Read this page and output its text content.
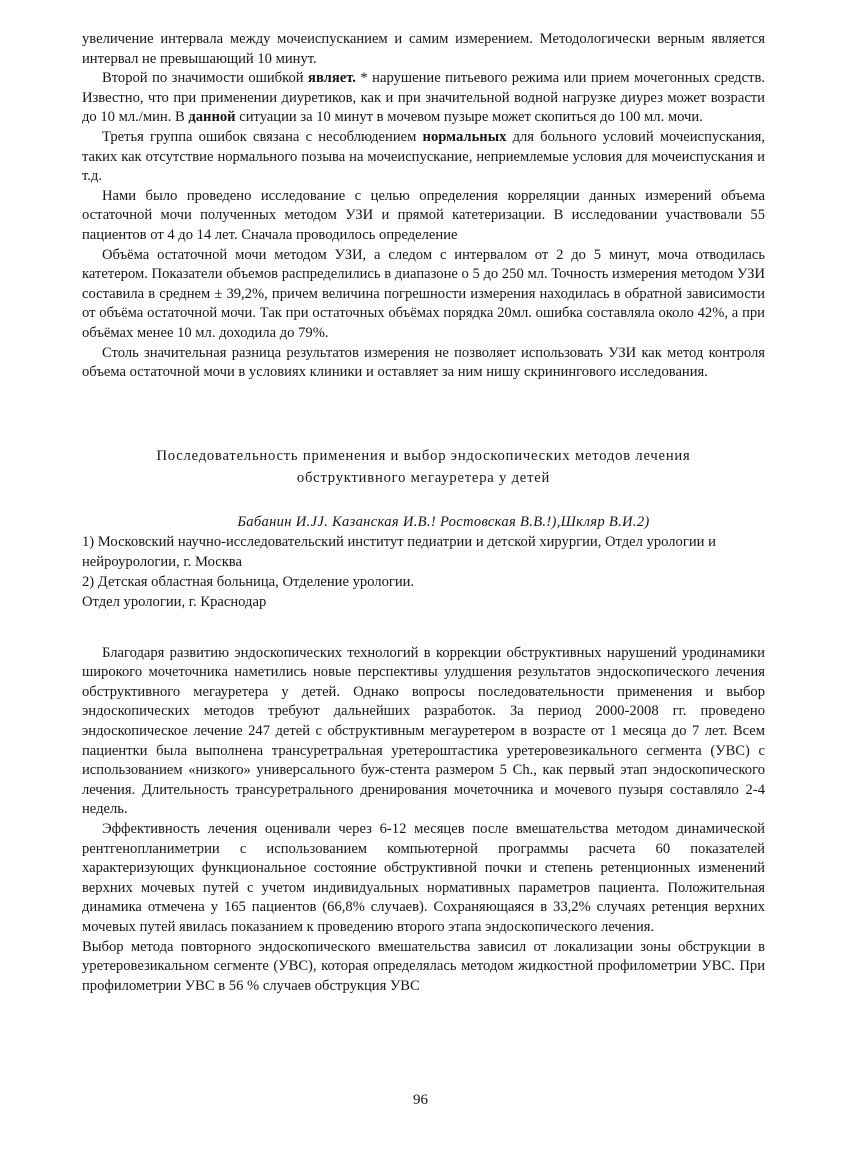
увеличение интервала между мочеиспусканием и самим измерением. Методологически верным является интервал не превышающий 10 минут.

Второй по значимости ошибкой являет. * нарушение питьевого режима или прием мочегонных средств. Известно, что при применении диуретиков, как и при значительной водной нагрузке диурез может возрасти до 10 мл./мин. В данной ситуации за 10 минут в мочевом пузыре может скопиться до 100 мл. мочи.

Третья группа ошибок связана с несоблюдением нормальных для больного условий мочеиспускания, таких как отсутствие нормального позыва на мочеиспускание, неприемлемые условия для мочеиспускания и т.д.

Нами было проведено исследование с целью определения корреляции данных измерений объема остаточной мочи полученных методом УЗИ и прямой катетеризации. В исследовании участвовали 55 пациентов от 4 до 14 лет. Сначала проводилось определение

Объёма остаточной мочи методом УЗИ, а следом с интервалом от 2 до 5 минут, моча отводилась катетером. Показатели объемов распределились в диапазоне о 5 до 250 мл. Точность измерения методом УЗИ составила в среднем ± 39,2%, причем величина погрешности измерения находилась в обратной зависимости от объёма остаточной мочи. Так при остаточных объёмах порядка 20мл. ошибка составляла около 42%, а при объёмах менее 10 мл. доходила до 79%.

Столь значительная разница результатов измерения не позволяет использовать УЗИ как метод контроля объема остаточной мочи в условиях клиники и оставляет за ним нишу скринингового исследования.

Последовательность применения и выбор эндоскопических методов лечения обструктивного мегауретера у детей

Бабанин И.JJ. Казанская И.В.! Ростовская В.В.!),Шкляр В.И.2)

1) Московский научно-исследовательский институт педиатрии и детской хирургии, Отдел урологии и нейроурологии, г. Москва

2) Детская областная больница, Отделение урологии.

Отдел урологии, г. Краснодар

Благодаря развитию эндоскопических технологий в коррекции обструктивных нарушений уродинамики широкого мочеточника наметились новые перспективы улудшения результатов эндоскопического лечения обструктивного мегауретера у детей. Однако вопросы последовательности применения и выбор эндоскопических методов требуют дальнейших разработок. За период 2000-2008 гг. проведено эндоскопическое лечение 247 детей с обструктивным мегауретером в возрасте от 1 месяца до 7 лет. Всем пациентки была выполнена трансуретральная уретероштастика уретеровезикального сегмента (УВС) с использованием «низкого» универсального буж-стента размером 5 Ch., как первый этап эндоскопического лечения. Длительность трансуретрального дренирования мочеточника и мочевого пузыря составляло 2-4 недель.

Эффективность лечения оценивали через 6-12 месяцев после вмешательства методом динамической рентгенопланиметрии с использованием компьютерной программы расчета 60 показателей характеризующих функциональное состояние обструктивной почки и степень ретенционных изменений верхних мочевых путей с учетом индивидуальных нормативных параметров пациента. Положительная динамика отмечена у 165 пациентов (66,8% случаев). Сохраняющаяся в 33,2% случаях ретенция верхних мочевых путей явилась показанием к проведению второго этапа эндоскопического лечения.

Выбор метода повторного эндоскопического вмешательства зависил от локализации зоны обструкции в уретеровезикальном сегменте (УВС), которая определялась методом жидкостной профилометрии УВС. При профилометрии УВС в 56 % случаев обструкция УВС

96
